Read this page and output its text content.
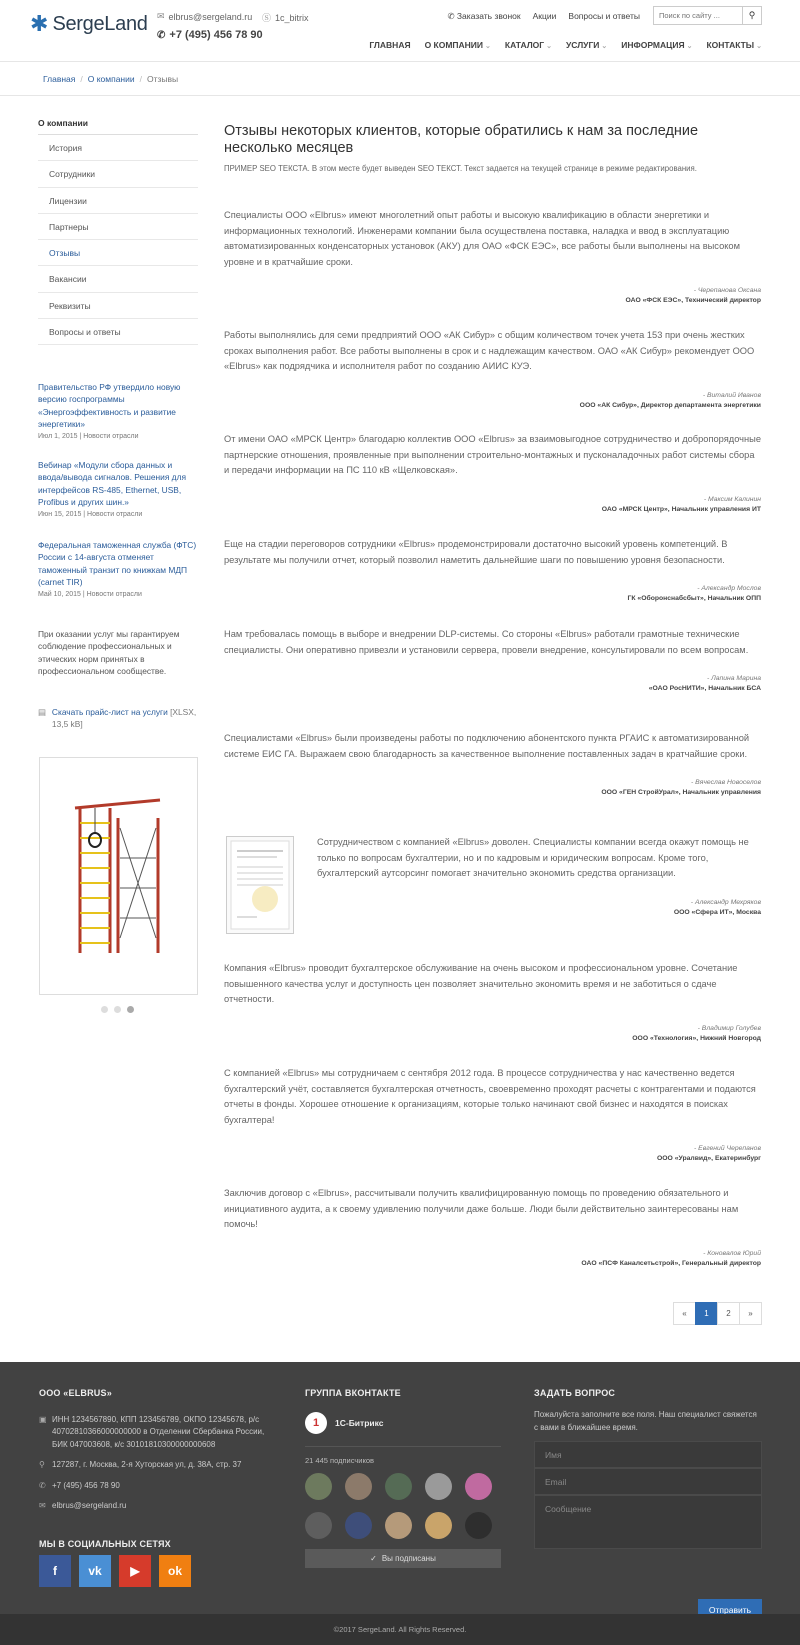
✱ SergeLand ✉ elbrus@sergeland.ru Ⓢ 1c_bitrix
✆ +7 (495) 456 78 90
✆ Заказать звонок Акции Вопросы и ответы
Поиск по сайту ...	⚲
ГЛАВНАЯ О КОМПАНИИ ⌄ КАТАЛОГ ⌄ УСЛУГИ ⌄ ИНФОРМАЦИЯ ⌄ КОНТАКТЫ ⌄
Главная / О компании / Отзывы
О компании
История
Сотрудники
Лицензии
Партнеры
Отзывы
Вакансии
Реквизиты
Вопросы и ответы
Правительство РФ утвердило новую версию госпрограммы «Энергоэффективность и развитие энергетики»
Июл 1, 2015 | Новости отрасли
Вебинар «Модули сбора данных и ввода/вывода сигналов. Решения для интерфейсов RS-485, Ethernet, USB, Profibus и других шин.»
Июн 15, 2015 | Новости отрасли
Федеральная таможенная служба (ФТС) России с 14-августа отменяет таможенный транзит по книжкам МДП (carnet TIR)
Май 10, 2015 | Новости отрасли
При оказании услуг мы гарантируем соблюдение профессиональных и этических норм принятых в профессиональном сообществе.
▤ Скачать прайс-лист на услуги [XLSX, 13,5 kB]
Отзывы некоторых клиентов, которые обратились к нам за последние несколько месяцев
ПРИМЕР SEO ТЕКСТА. В этом месте будет выведен SEO ТЕКСТ. Текст задается на текущей странице в режиме редактирования.
Специалисты ООО «Elbrus» имеют многолетний опыт работы и высокую квалификацию в области энергетики и информационных технологий. Инженерами компании была осуществлена поставка, наладка и ввод в эксплуатацию автоматизированных конденсаторных установок (АКУ) для ОАО «ФСК ЕЭС», все работы были выполнены на высоком уровне и в кратчайшие сроки.
- Черепанова Оксана
ОАО «ФСК ЕЭС», Технический директор
Работы выполнялись для семи предприятий ООО «АК Сибур» с общим количеством точек учета 153 при очень жестких сроках выполнения работ. Все работы выполнены в срок и с надлежащим качеством. ОАО «АК Сибур» рекомендует ООО «Elbrus» как подрядчика и исполнителя работ по созданию АИИС КУЭ.
- Виталий Иванов
ООО «АК Сибур», Директор департамента энергетики
От имени ОАО «МРСК Центр» благодарю коллектив ООО «Elbrus» за взаимовыгодное сотрудничество и добропорядочные партнерские отношения, проявленные при выполнении строительно-монтажных и пусконаладочных работ системы сбора и передачи информации на ПС 110 кВ «Щелковская».
- Максим Калинин
ОАО «МРСК Центр», Начальник управления ИТ
Еще на стадии переговоров сотрудники «Elbrus» продемонстрировали достаточно высокий уровень компетенций. В результате мы получили отчет, который позволил наметить дальнейшие шаги по повышению уровня безопасности.
- Александр Мослов
ГК «Оборонснабсбыт», Начальник ОПП
Нам требовалась помощь в выборе и внедрении DLP-системы. Со стороны «Elbrus» работали грамотные технические специалисты. Они оперативно привезли и установили сервера, провели внедрение, консультировали по всем вопросам.
- Лапина Марина
«ОАО РосНИТИ», Начальник БСА
Специалистами «Elbrus» были произведены работы по подключению абонентского пункта РГАИС к автоматизированной системе ЕИС ГА. Выражаем свою благодарность за качественное выполнение поставленных задач в кратчайшие сроки.
- Вячеслав Новоселов
ООО «ГЕН СтройУрал», Начальник управления
Сотрудничеством с компанией «Elbrus» доволен. Специалисты компании всегда окажут помощь не только по вопросам бухгалтерии, но и по кадровым и юридическим вопросам. Кроме того, бухгалтерский аутсорсинг помогает значительно экономить средства организации.
- Александр Мехряков
ООО «Сфера ИТ», Москва
Компания «Elbrus» проводит бухгалтерское обслуживание на очень высоком и профессиональном уровне. Сочетание повышенного качества услуг и доступность цен позволяет значительно экономить время и не заботиться о сдаче отчетности.
- Владимир Голубев
ООО «Технология», Нижний Новгород
С компанией «Elbrus» мы сотрудничаем с сентября 2012 года. В процессе сотрудничества у нас качественно ведется бухгалтерский учёт, составляется бухгалтерская отчетность, своевременно проходят расчеты с контрагентами и подаются отчеты в фонды. Хорошее отношение к организациям, которые только начинают свой бизнес и находятся в поисках бухгалтера!
- Евгений Черепанов
ООО «Уралвид», Екатеринбург
Заключив договор с «Elbrus», рассчитывали получить квалифицированную помощь по проведению обязательного и инициативного аудита, а к своему удивлению получили даже больше. Люди были действительно заинтересованы нам помочь!
- Коновалов Юрий
ОАО «ПСФ Каналсетьстрой», Генеральный директор
«	1	2	»
ООО «ELBRUS»
▣ ИНН 1234567890, КПП 123456789, ОКПО 12345678, р/с 40702810366000000000 в Отделении Сбербанка России, БИК 047003608, к/с 30101810300000000608
⚲ 127287, г. Москва, 2-я Хуторская ул, д. 38А, стр. 37
✆ +7 (495) 456 78 90
✉ elbrus@sergeland.ru
МЫ В СОЦИАЛЬНЫХ СЕТЯХ
f	vk ▶ ok
ГРУППА ВКОНТАКТЕ
1	1С-Битрикс
21 445 подписчиков
✓ Вы подписаны
ЗАДАТЬ ВОПРОС
Пожалуйста заполните все поля. Наш специалист свяжется с вами в ближайшее время.
Имя
Email
Сообщение
Отправить
©2017 SergeLand. All Rights Reserved.
